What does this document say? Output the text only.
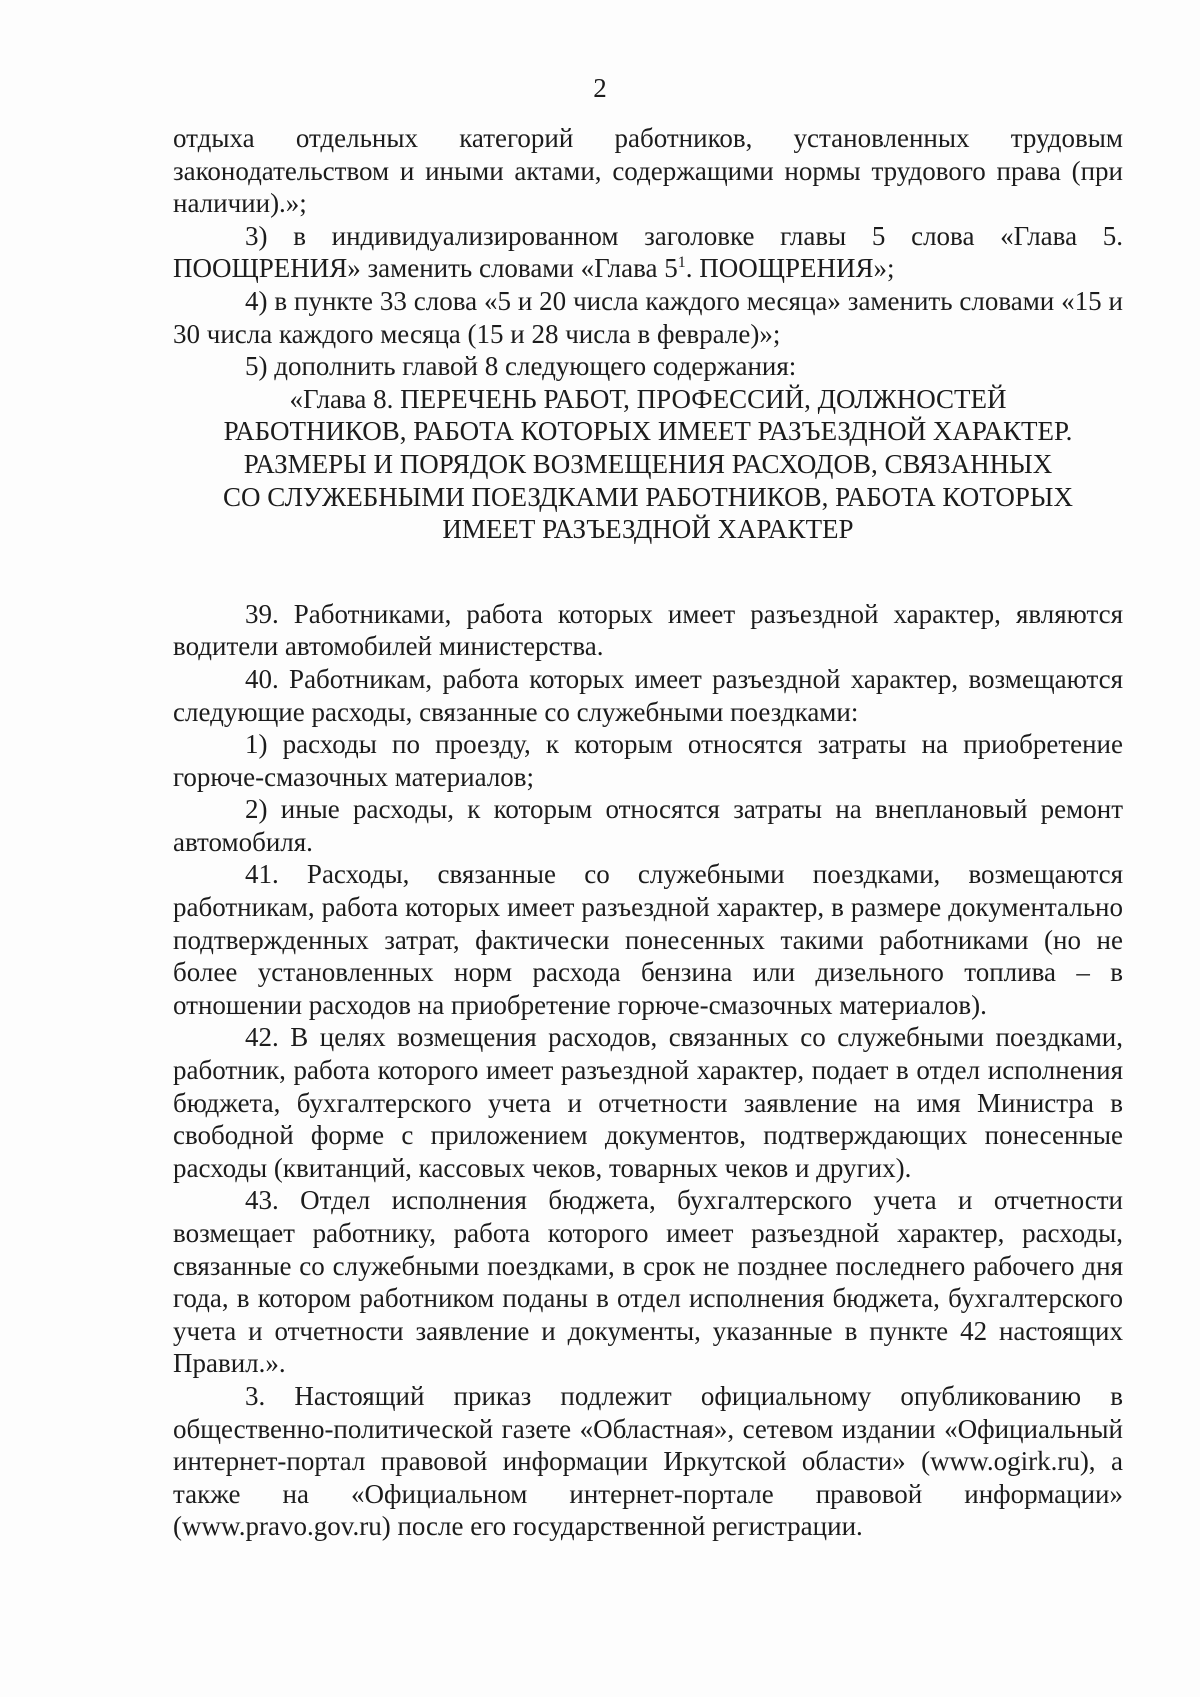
2

отдыха отдельных категорий работников, установленных трудовым законодательством и иными актами, содержащими нормы трудового права (при наличии).»;

3) в индивидуализированном заголовке главы 5 слова «Глава 5. ПООЩРЕНИЯ» заменить словами «Глава $5^1$. ПООЩРЕНИЯ»;

4) в пункте 33 слова «5 и 20 числа каждого месяца» заменить словами «15 и 30 числа каждого месяца (15 и 28 числа в феврале)»;

5) дополнить главой 8 следующего содержания:

«Глава 8. ПЕРЕЧЕНЬ РАБОТ, ПРОФЕССИЙ, ДОЛЖНОСТЕЙ
РАБОТНИКОВ, РАБОТА КОТОРЫХ ИМЕЕТ РАЗЪЕЗДНОЙ ХАРАКТЕР.
РАЗМЕРЫ И ПОРЯДОК ВОЗМЕЩЕНИЯ РАСХОДОВ, СВЯЗАННЫХ
СО СЛУЖЕБНЫМИ ПОЕЗДКАМИ РАБОТНИКОВ, РАБОТА КОТОРЫХ
ИМЕЕТ РАЗЪЕЗДНОЙ ХАРАКТЕР

39. Работниками, работа которых имеет разъездной характер, являются водители автомобилей министерства.

40. Работникам, работа которых имеет разъездной характер, возмещаются следующие расходы, связанные со служебными поездками:

1) расходы по проезду, к которым относятся затраты на приобретение горюче-смазочных материалов;

2) иные расходы, к которым относятся затраты на внеплановый ремонт автомобиля.

41. Расходы, связанные со служебными поездками, возмещаются работникам, работа которых имеет разъездной характер, в размере документально подтвержденных затрат, фактически понесенных такими работниками (но не более установленных норм расхода бензина или дизельного топлива – в отношении расходов на приобретение горюче-смазочных материалов).

42. В целях возмещения расходов, связанных со служебными поездками, работник, работа которого имеет разъездной характер, подает в отдел исполнения бюджета, бухгалтерского учета и отчетности заявление на имя Министра в свободной форме с приложением документов, подтверждающих понесенные расходы (квитанций, кассовых чеков, товарных чеков и других).

43. Отдел исполнения бюджета, бухгалтерского учета и отчетности возмещает работнику, работа которого имеет разъездной характер, расходы, связанные со служебными поездками, в срок не позднее последнего рабочего дня года, в котором работником поданы в отдел исполнения бюджета, бухгалтерского учета и отчетности заявление и документы, указанные в пункте 42 настоящих Правил.».

3. Настоящий приказ подлежит официальному опубликованию в общественно-политической газете «Областная», сетевом издании «Официальный интернет-портал правовой информации Иркутской области» (www.ogirk.ru), а также на «Официальном интернет-портале правовой информации» (www.pravo.gov.ru) после его государственной регистрации.
